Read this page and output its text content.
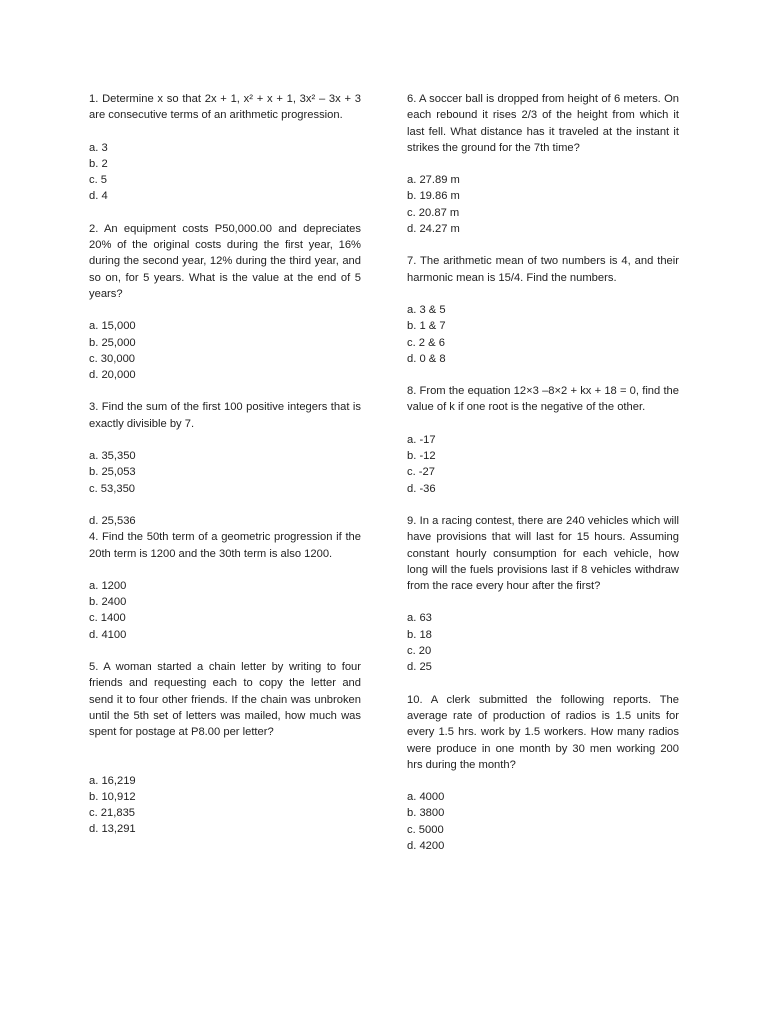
1. Determine x so that 2x + 1, x² + x + 1, 3x² – 3x + 3 are consecutive terms of an arithmetic progression.

a. 3
b. 2
c. 5
d. 4

2. An equipment costs P50,000.00 and depreciates 20% of the original costs during the first year, 16% during the second year, 12% during the third year, and so on, for 5 years. What is the value at the end of 5 years?

a. 15,000
b. 25,000
c. 30,000
d. 20,000

3. Find the sum of the first 100 positive integers that is exactly divisible by 7.

a. 35,350
b. 25,053
c. 53,350
d. 25,536

4. Find the 50th term of a geometric progression if the 20th term is 1200 and the 30th term is also 1200.

a. 1200
b. 2400
c. 1400
d. 4100

5. A woman started a chain letter by writing to four friends and requesting each to copy the letter and send it to four other friends. If the chain was unbroken until the 5th set of letters was mailed, how much was spent for postage at P8.00 per letter?

a. 16,219
b. 10,912
c. 21,835
d. 13,291

6. A soccer ball is dropped from height of 6 meters. On each rebound it rises 2/3 of the height from which it last fell. What distance has it traveled at the instant it strikes the ground for the 7th time?

a. 27.89 m
b. 19.86 m
c. 20.87 m
d. 24.27 m

7. The arithmetic mean of two numbers is 4, and their harmonic mean is 15/4. Find the numbers.

a. 3 & 5
b. 1 & 7
c. 2 & 6
d. 0 & 8

8. From the equation 12×3 –8×2 + kx + 18 = 0, find the value of k if one root is the negative of the other.

a. -17
b. -12
c. -27
d. -36

9. In a racing contest, there are 240 vehicles which will have provisions that will last for 15 hours. Assuming constant hourly consumption for each vehicle, how long will the fuels provisions last if 8 vehicles withdraw from the race every hour after the first?

a. 63
b. 18
c. 20
d. 25

10. A clerk submitted the following reports. The average rate of production of radios is 1.5 units for every 1.5 hrs. work by 1.5 workers. How many radios were produce in one month by 30 men working 200 hrs during the month?

a. 4000
b. 3800
c. 5000
d. 4200
